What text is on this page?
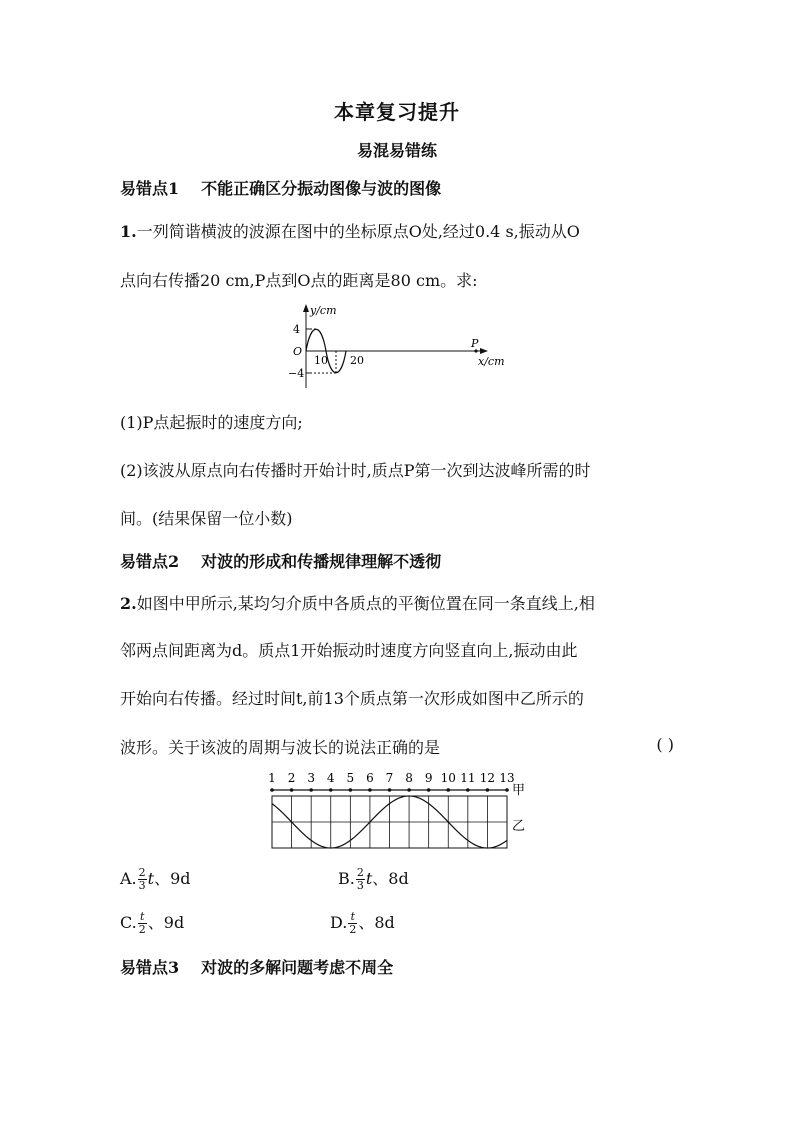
本章复习提升
易混易错练
易错点1 不能正确区分振动图像与波的图像
1.一列简谐横波的波源在图中的坐标原点O处,经过0.4 s,振动从O
点向右传播20 cm,P点到O点的距离是80 cm。求:
y/cm
4
O
−4
10 20
P
x/cm
(1)P点起振时的速度方向;
(2)该波从原点向右传播时开始计时,质点P第一次到达波峰所需的时
间。(结果保留一位小数)
易错点2 对波的形成和传播规律理解不透彻
2.如图中甲所示,某均匀介质中各质点的平衡位置在同一条直线上,相
邻两点间距离为d。质点1开始振动时速度方向竖直向上,振动由此
开始向右传播。经过时间t,前13个质点第一次形成如图中乙所示的
波形。关于该波的周期与波长的说法正确的是	( )
1 2 3 4 5 6 7 8 9 10 11 12 13
甲
乙
A. $\frac{2}{3}$ t、9d	B. $\frac{2}{3}$ t、8d
C. $\frac{t}{2}$ 、9d	D. $\frac{t}{2}$ 、8d
易错点3 对波的多解问题考虑不周全
